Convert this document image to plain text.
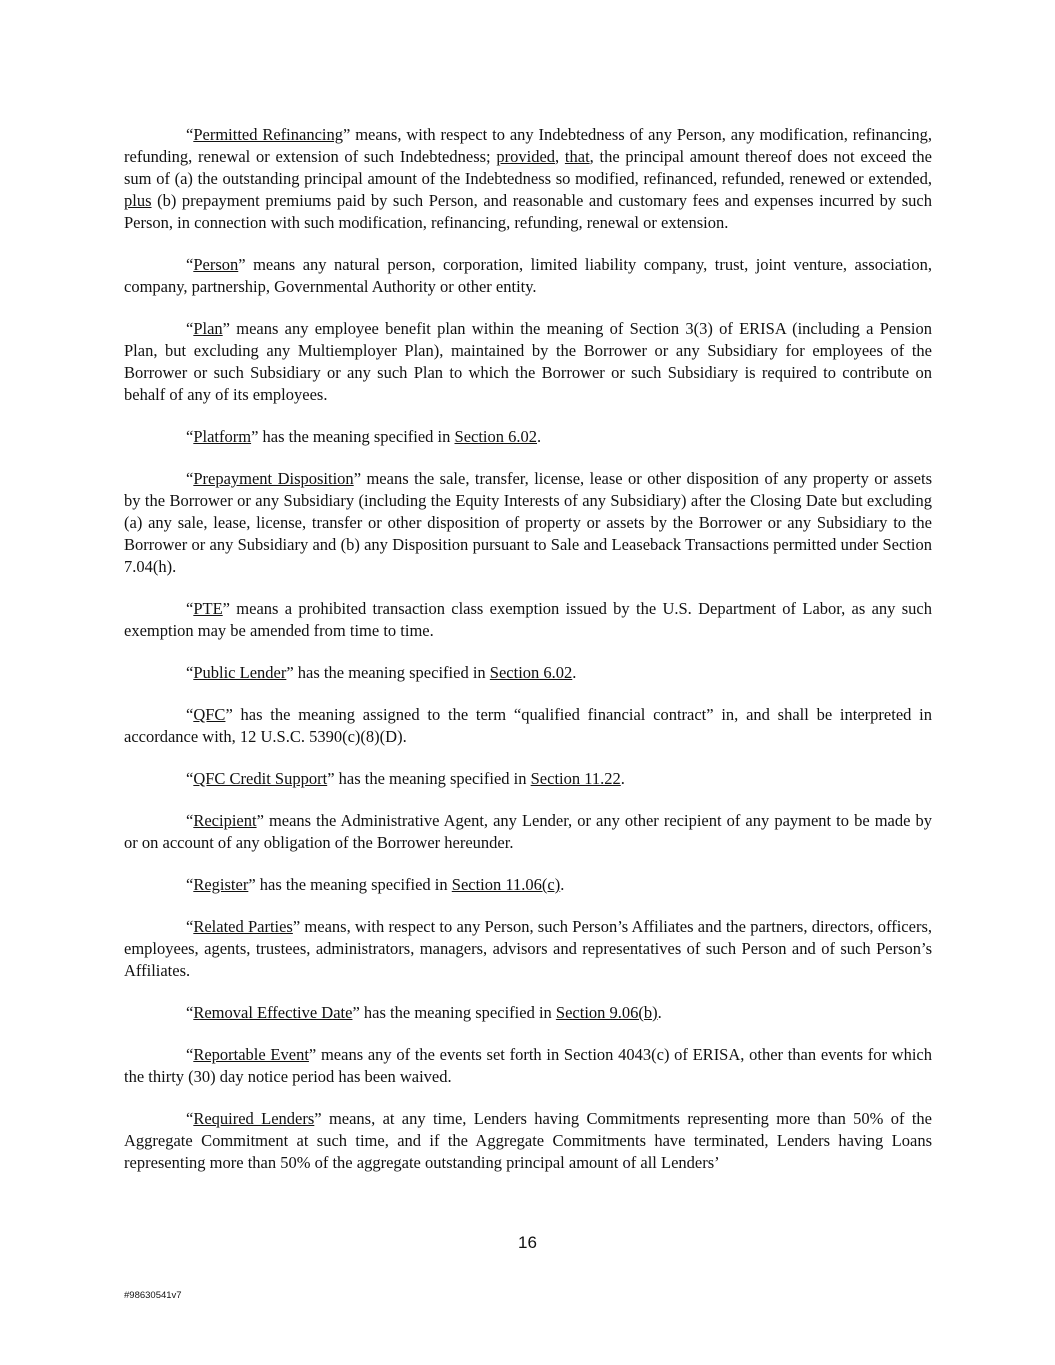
“Permitted Refinancing” means, with respect to any Indebtedness of any Person, any modification, refinancing, refunding, renewal or extension of such Indebtedness; provided, that, the principal amount thereof does not exceed the sum of (a) the outstanding principal amount of the Indebtedness so modified, refinanced, refunded, renewed or extended, plus (b) prepayment premiums paid by such Person, and reasonable and customary fees and expenses incurred by such Person, in connection with such modification, refinancing, refunding, renewal or extension.

“Person” means any natural person, corporation, limited liability company, trust, joint venture, association, company, partnership, Governmental Authority or other entity.

“Plan” means any employee benefit plan within the meaning of Section 3(3) of ERISA (including a Pension Plan, but excluding any Multiemployer Plan), maintained by the Borrower or any Subsidiary for employees of the Borrower or such Subsidiary or any such Plan to which the Borrower or such Subsidiary is required to contribute on behalf of any of its employees.

“Platform” has the meaning specified in Section 6.02.

“Prepayment Disposition” means the sale, transfer, license, lease or other disposition of any property or assets by the Borrower or any Subsidiary (including the Equity Interests of any Subsidiary) after the Closing Date but excluding (a) any sale, lease, license, transfer or other disposition of property or assets by the Borrower or any Subsidiary to the Borrower or any Subsidiary and (b) any Disposition pursuant to Sale and Leaseback Transactions permitted under Section 7.04(h).

“PTE” means a prohibited transaction class exemption issued by the U.S. Department of Labor, as any such exemption may be amended from time to time.

“Public Lender” has the meaning specified in Section 6.02.

“QFC” has the meaning assigned to the term “qualified financial contract” in, and shall be interpreted in accordance with, 12 U.S.C. 5390(c)(8)(D).

“QFC Credit Support” has the meaning specified in Section 11.22.

“Recipient” means the Administrative Agent, any Lender, or any other recipient of any payment to be made by or on account of any obligation of the Borrower hereunder.

“Register” has the meaning specified in Section 11.06(c).

“Related Parties” means, with respect to any Person, such Person’s Affiliates and the partners, directors, officers, employees, agents, trustees, administrators, managers, advisors and representatives of such Person and of such Person’s Affiliates.

“Removal Effective Date” has the meaning specified in Section 9.06(b).

“Reportable Event” means any of the events set forth in Section 4043(c) of ERISA, other than events for which the thirty (30) day notice period has been waived.

“Required Lenders” means, at any time, Lenders having Commitments representing more than 50% of the Aggregate Commitment at such time, and if the Aggregate Commitments have terminated, Lenders having Loans representing more than 50% of the aggregate outstanding principal amount of all Lenders’

16
#98630541v7
